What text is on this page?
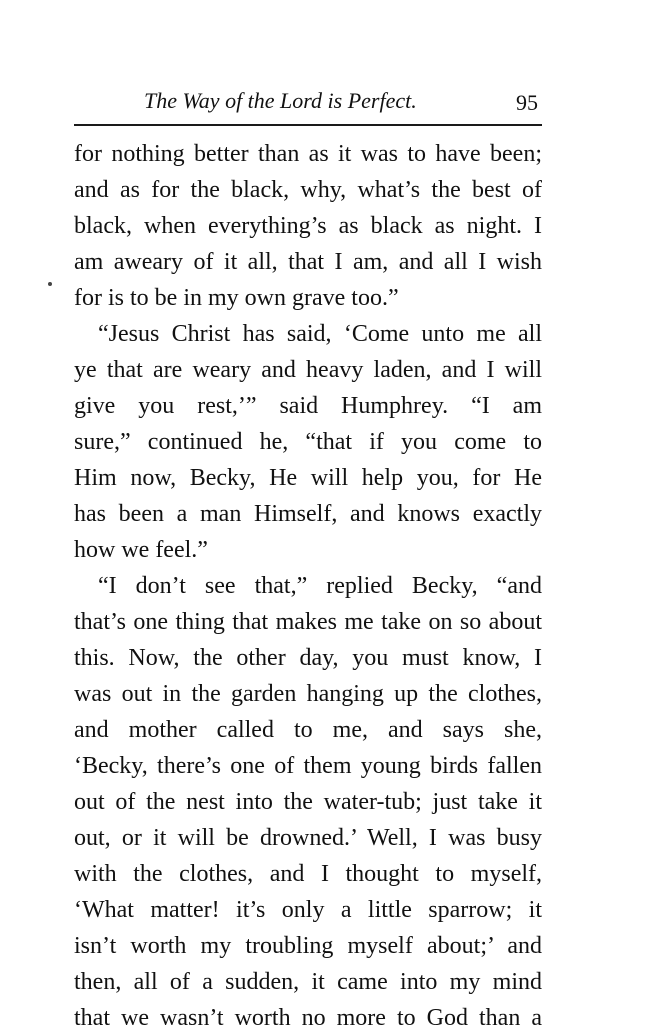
The Way of the Lord is Perfect.	95
for nothing better than as it was to have been;
and as for the black, why, what’s the best of
black, when everything’s as black as night. I
am aweary of it all, that I am, and all I wish
for is to be in my own grave too.”
“Jesus Christ has said, ‘Come unto me all
ye that are weary and heavy laden, and I will
give you rest,’” said Humphrey. “I am
sure,” continued he, “that if you come to
Him now, Becky, He will help you, for He
has been a man Himself, and knows exactly
how we feel.”
“I don’t see that,” replied Becky, “and
that’s one thing that makes me take on so about
this. Now, the other day, you must know, I
was out in the garden hanging up the clothes,
and mother called to me, and says she,
‘Becky, there’s one of them young birds fallen
out of the nest into the water-tub; just take it
out, or it will be drowned.’ Well, I was busy
with the clothes, and I thought to myself,
‘What matter! it’s only a little sparrow; it
isn’t worth my troubling myself about;’ and
then, all of a sudden, it came into my mind
that we wasn’t worth no more to God than a
